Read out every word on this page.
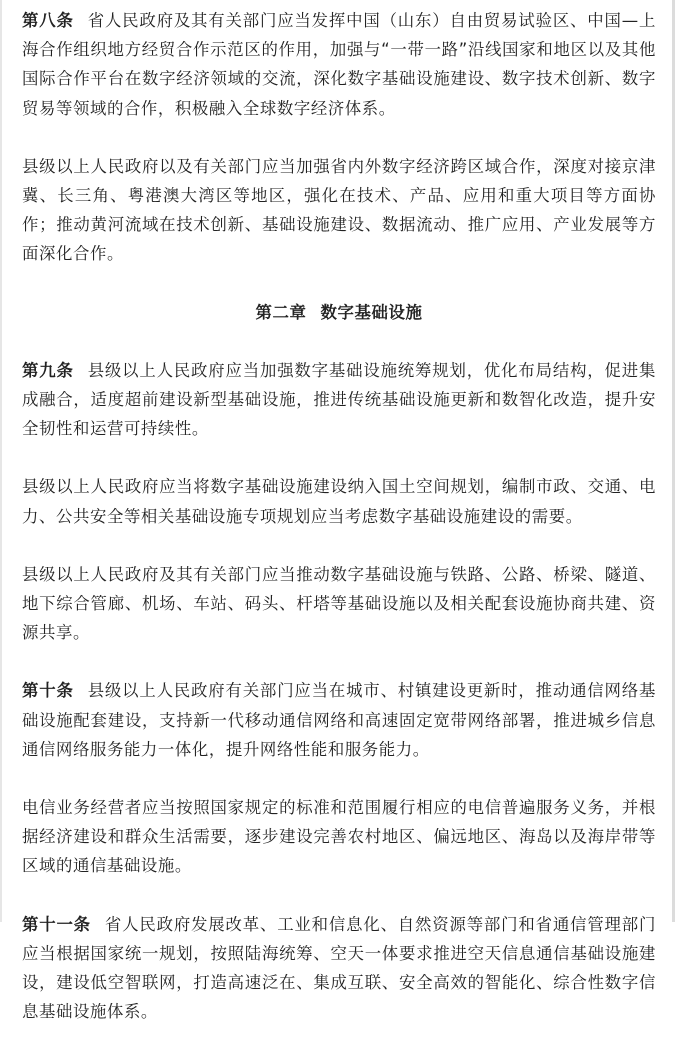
第八条 省人民政府及其有关部门应当发挥中国（山东）自由贸易试验区、中国—上海合作组织地方经贸合作示范区的作用，加强与“一带一路”沿线国家和地区以及其他国际合作平台在数字经济领域的交流，深化数字基础设施建设、数字技术创新、数字贸易等领域的合作，积极融入全球数字经济体系。

县级以上人民政府以及有关部门应当加强省内外数字经济跨区域合作，深度对接京津冀、长三角、粤港澳大湾区等地区，强化在技术、产品、应用和重大项目等方面协作；推动黄河流域在技术创新、基础设施建设、数据流动、推广应用、产业发展等方面深化合作。

第二章 数字基础设施

第九条 县级以上人民政府应当加强数字基础设施统筹规划，优化布局结构，促进集成融合，适度超前建设新型基础设施，推进传统基础设施更新和数智化改造，提升安全韧性和运营可持续性。

县级以上人民政府应当将数字基础设施建设纳入国土空间规划，编制市政、交通、电力、公共安全等相关基础设施专项规划应当考虑数字基础设施建设的需要。

县级以上人民政府及其有关部门应当推动数字基础设施与铁路、公路、桥梁、隧道、地下综合管廊、机场、车站、码头、杆塔等基础设施以及相关配套设施协商共建、资源共享。

第十条 县级以上人民政府有关部门应当在城市、村镇建设更新时，推动通信网络基础设施配套建设，支持新一代移动通信网络和高速固定宽带网络部署，推进城乡信息通信网络服务能力一体化，提升网络性能和服务能力。

电信业务经营者应当按照国家规定的标准和范围履行相应的电信普遍服务义务，并根据经济建设和群众生活需要，逐步建设完善农村地区、偏远地区、海岛以及海岸带等区域的通信基础设施。

第十一条 省人民政府发展改革、工业和信息化、自然资源等部门和省通信管理部门应当根据国家统一规划，按照陆海统筹、空天一体要求推进空天信息通信基础设施建设，建设低空智联网，打造高速泛在、集成互联、安全高效的智能化、综合性数字信息基础设施体系。
